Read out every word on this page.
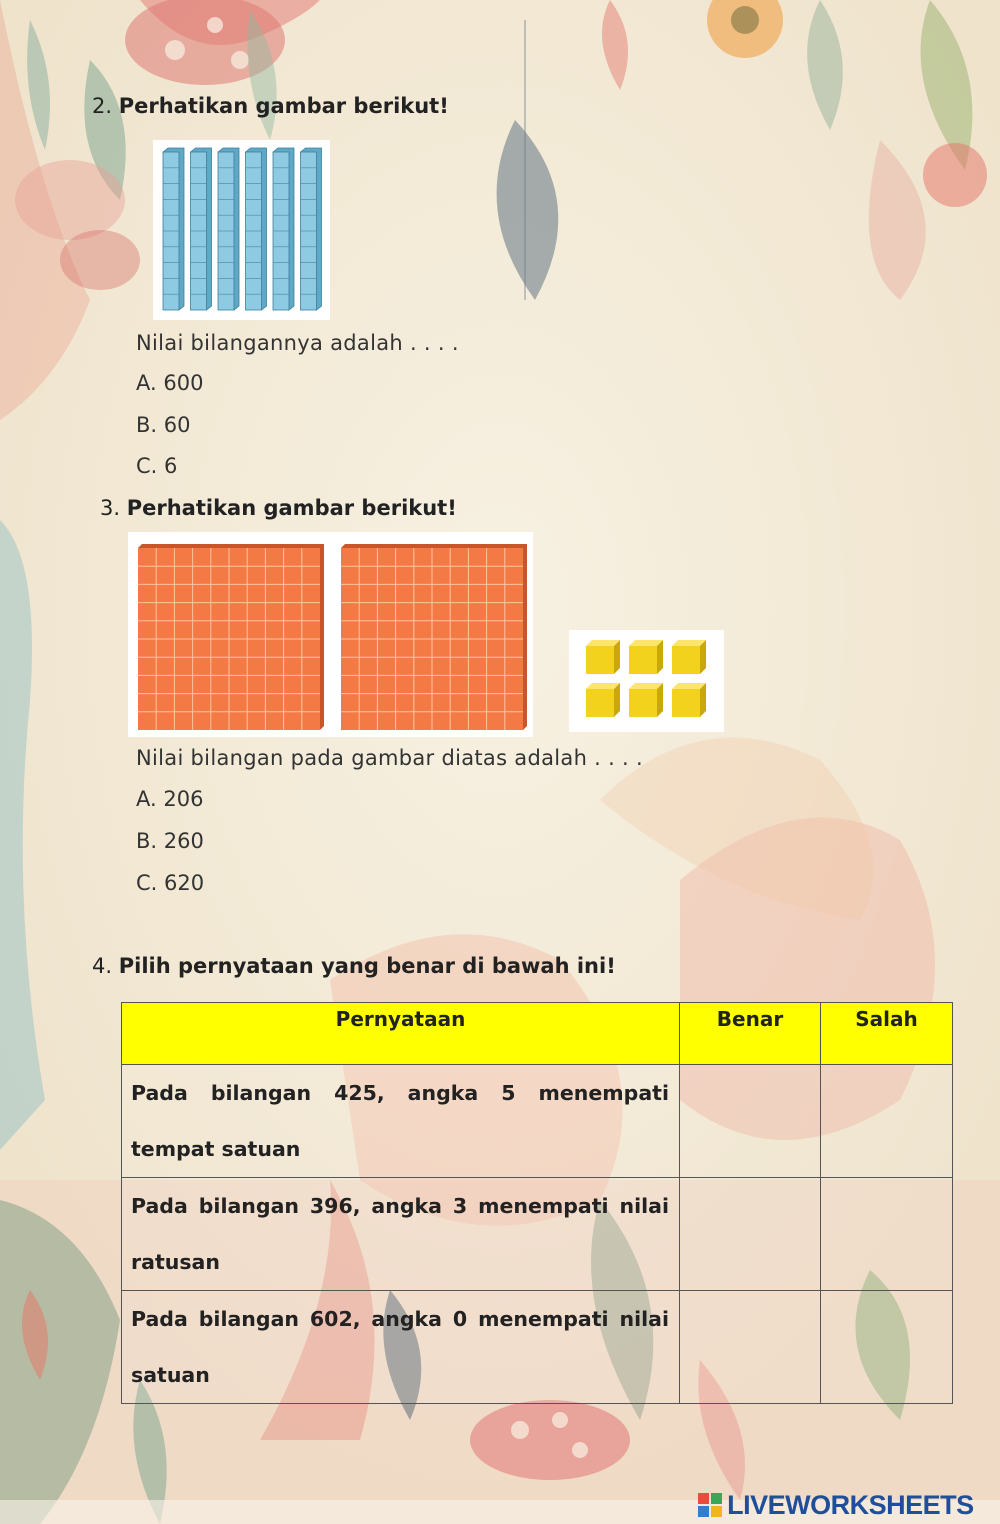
2. Perhatikan gambar berikut!
Nilai bilangannya adalah . . . .
A. 600
B. 60
C. 6
3. Perhatikan gambar berikut!
Nilai bilangan pada gambar diatas adalah . . . .
A. 206
B. 260
C. 620
4. Pilih pernyataan yang benar di bawah ini!
Pernyataan	Benar	Salah
Pada bilangan 425, angka 5 menempati tempat satuan		
Pada bilangan 396, angka 3 menempati nilai ratusan		
Pada bilangan 602, angka 0 menempati nilai satuan		
LIVEWORKSHEETS
